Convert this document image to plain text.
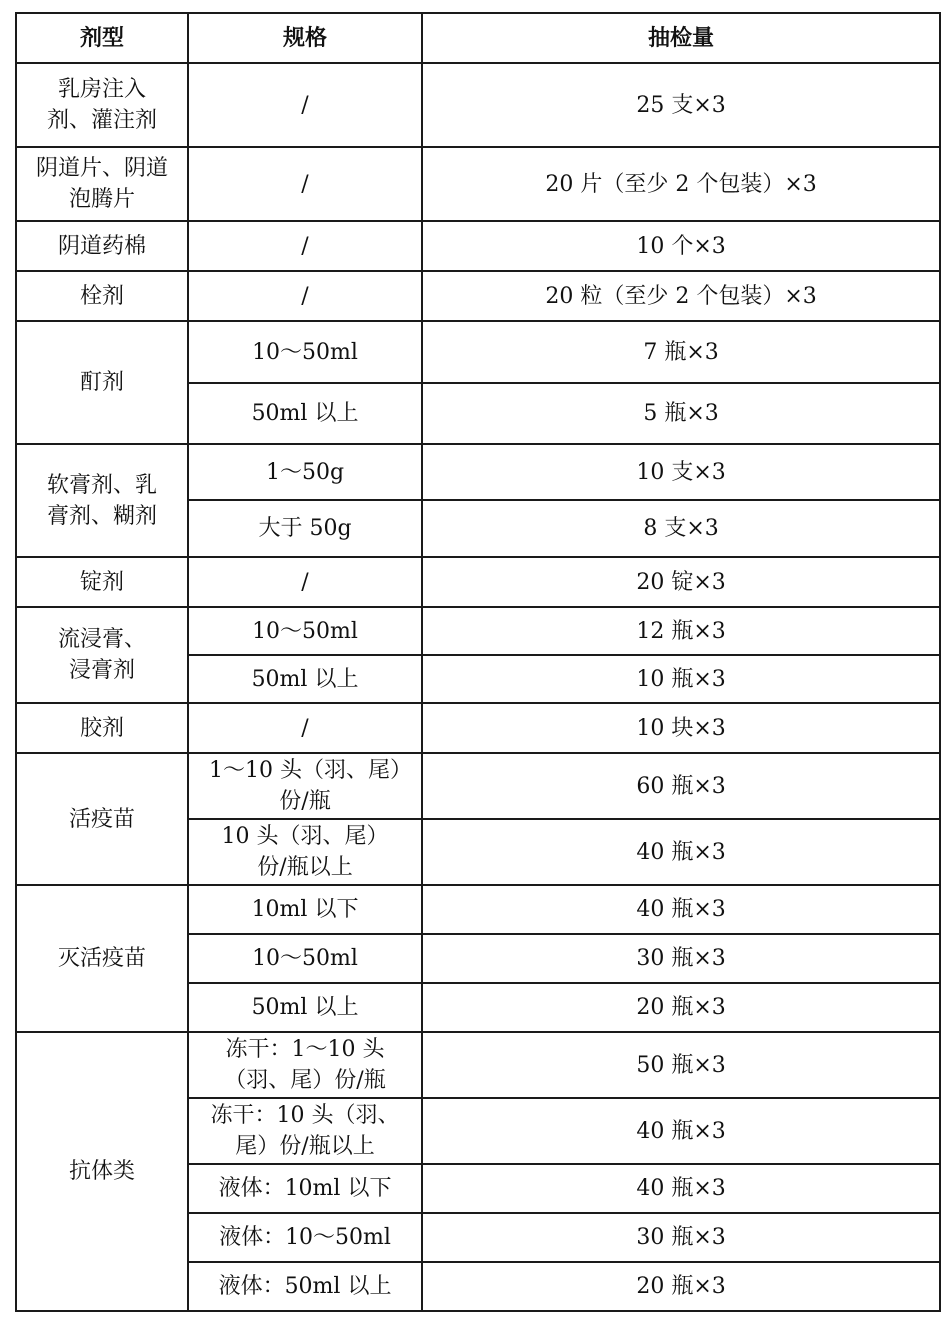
剂型	规格	抽检量
乳房注入剂、灌注剂	/	25 支×3
阴道片、阴道泡腾片	/	20 片（至少 2 个包装）×3
阴道药棉	/	10 个×3
栓剂	/	20 粒（至少 2 个包装）×3
酊剂	10～50ml	7 瓶×3
	50ml 以上	5 瓶×3
软膏剂、乳膏剂、糊剂	1～50g	10 支×3
	大于 50g	8 支×3
锭剂	/	20 锭×3
流浸膏、浸膏剂	10～50ml	12 瓶×3
	50ml 以上	10 瓶×3
胶剂	/	10 块×3
活疫苗	1～10 头（羽、尾）份/瓶	60 瓶×3
	10 头（羽、尾）份/瓶以上	40 瓶×3
灭活疫苗	10ml 以下	40 瓶×3
	10～50ml	30 瓶×3
	50ml 以上	20 瓶×3
抗体类	冻干：1～10 头（羽、尾）份/瓶	50 瓶×3
	冻干：10 头（羽、尾）份/瓶以上	40 瓶×3
	液体：10ml 以下	40 瓶×3
	液体：10～50ml	30 瓶×3
	液体：50ml 以上	20 瓶×3
